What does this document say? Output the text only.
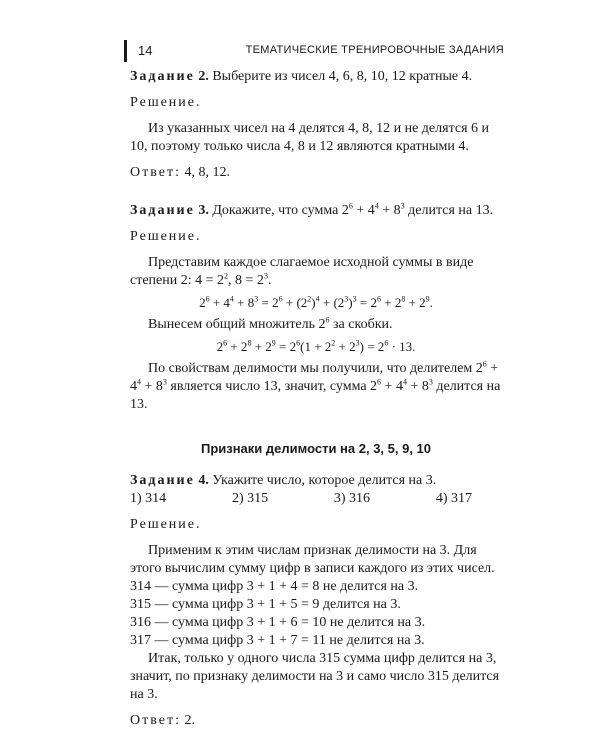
14	ТЕМАТИЧЕСКИЕ ТРЕНИРОВОЧНЫЕ ЗАДАНИЯ

Задание 2. Выберите из чисел 4, 6, 8, 10, 12 кратные 4.

Решение.

Из указанных чисел на 4 делятся 4, 8, 12 и не делятся 6 и 10, поэтому только числа 4, 8 и 12 являются кратными 4.

Ответ: 4, 8, 12.

Задание 3. Докажите, что сумма $2^6 + 4^4 + 8^3$ делится на 13.

Решение.

Представим каждое слагаемое исходной суммы в виде степени 2: $4 = 2^2$, $8 = 2^3$.

$2^6 + 4^4 + 8^3 = 2^6 + (2^2)^4 + (2^3)^3 = 2^6 + 2^8 + 2^9$.

Вынесем общий множитель $2^6$ за скобки.

$2^6 + 2^8 + 2^9 = 2^6(1 + 2^2 + 2^3) = 2^6 \cdot 13$.

По свойствам делимости мы получили, что делителем $2^6 + 4^4 + 8^3$ является число 13, значит, сумма $2^6 + 4^4 + 8^3$ делится на 13.

Признаки делимости на 2, 3, 5, 9, 10

Задание 4. Укажите число, которое делится на 3.

1) 314	2) 315	3) 316	4) 317

Решение.

Применим к этим числам признак делимости на 3. Для этого вычислим сумму цифр в записи каждого из этих чисел.

314 — сумма цифр 3 + 1 + 4 = 8 не делится на 3.

315 — сумма цифр 3 + 1 + 5 = 9 делится на 3.

316 — сумма цифр 3 + 1 + 6 = 10 не делится на 3.

317 — сумма цифр 3 + 1 + 7 = 11 не делится на 3.

Итак, только у одного числа 315 сумма цифр делится на 3, значит, по признаку делимости на 3 и само число 315 делится на 3.

Ответ: 2.
